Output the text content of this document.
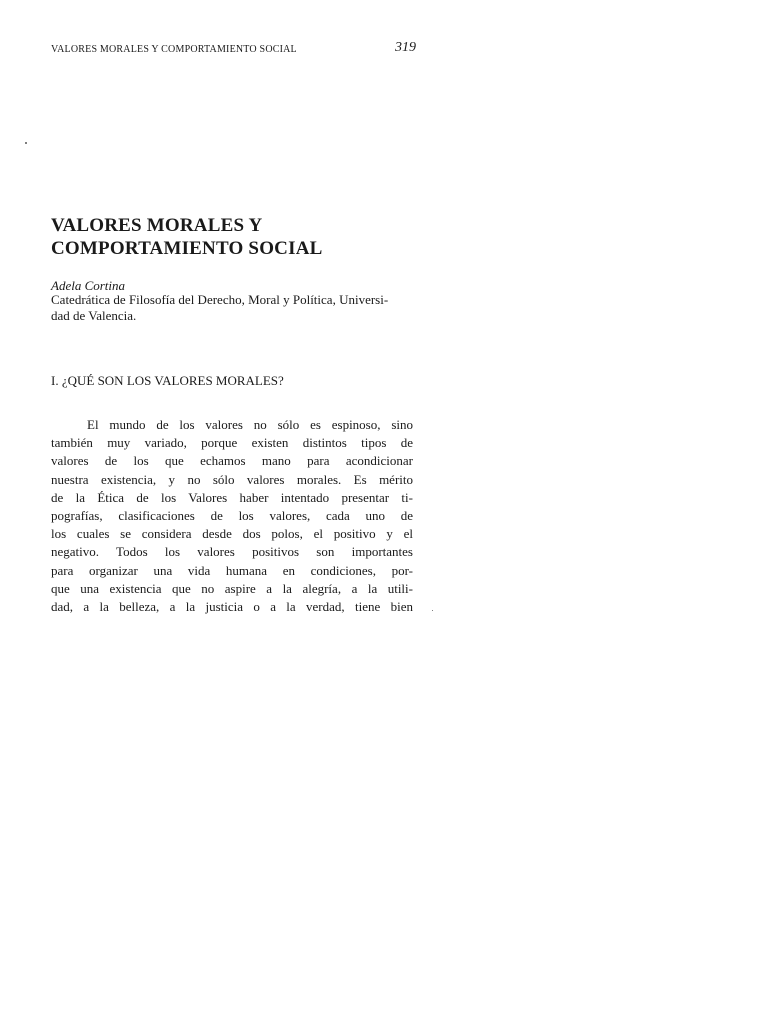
VALORES MORALES Y COMPORTAMIENTO SOCIAL	319
VALORES MORALES Y
COMPORTAMIENTO SOCIAL
Adela Cortina
Catedrática de Filosofía del Derecho, Moral y Política, Universi-
dad de Valencia.
I. ¿QUÉ SON LOS VALORES MORALES?

El mundo de los valores no sólo es espinoso, sino
también muy variado, porque existen distintos tipos de
valores de los que echamos mano para acondicionar
nuestra existencia, y no sólo valores morales. Es mérito
de la Ética de los Valores haber intentado presentar ti-
pografías, clasificaciones de los valores, cada uno de
los cuales se considera desde dos polos, el positivo y el
negativo. Todos los valores positivos son importantes
para organizar una vida humana en condiciones, por-
que una existencia que no aspire a la alegría, a la utili-
dad, a la belleza, a la justicia o a la verdad, tiene bien
